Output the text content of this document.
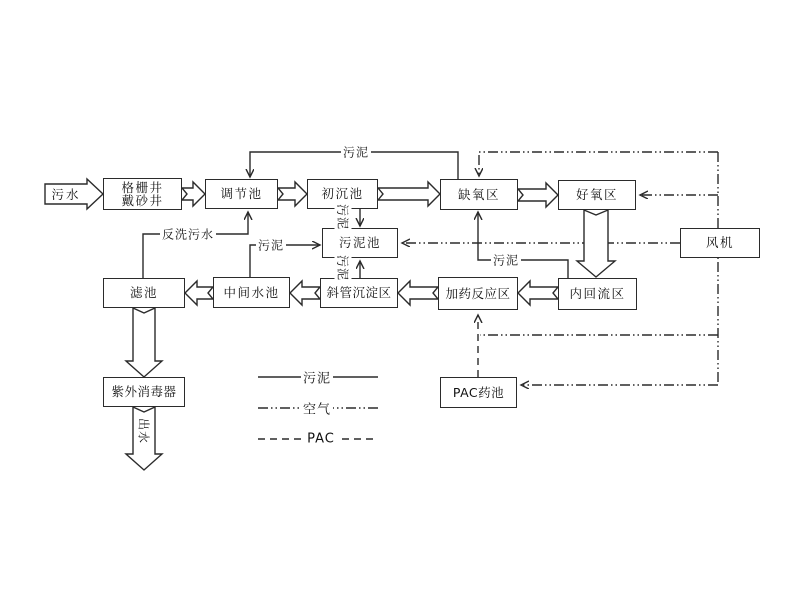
格栅井
戴砂井	调节池	初沉池	缺氧区	好氧区
污泥池	风机
滤池	中间水池	斜管沉淀区	加药反应区	内回流区
紫外消毒器	PAC药池
污水
污泥
反洗污水
污泥
污泥
污泥
污泥
出水
污泥
空气
PAC
